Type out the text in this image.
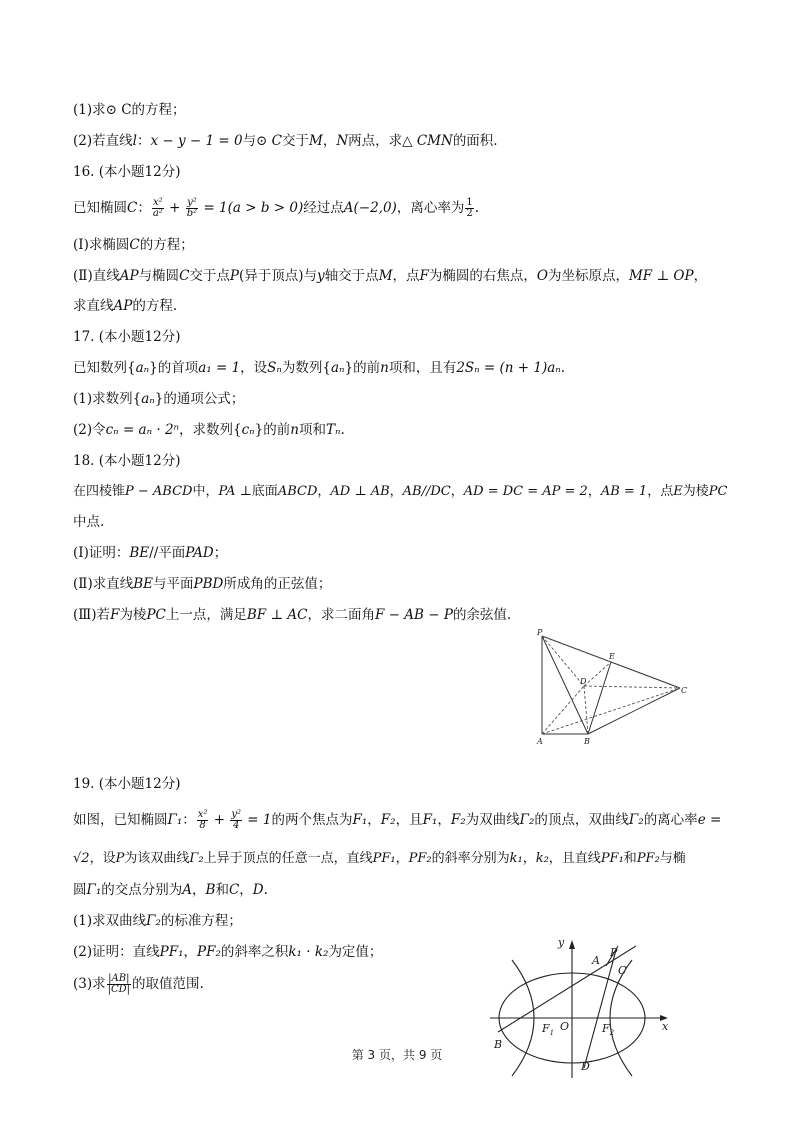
(1)求⊙ C的方程；
(2)若直线l：x − y − 1 = 0与⊙ C交于M，N两点，求△ CMN的面积.
16. (本小题12分)
已知椭圆C： $\frac{\text{x²}}{\text{a²}} + \frac{\text{y²}}{\text{b²}} = 1(a > b > 0)$经过点A(−2,0)，离心率为 $\frac{1}{2}$ .
(Ⅰ)求椭圆C的方程；
(Ⅱ)直线AP与椭圆C交于点P(异于顶点)与y轴交于点M，点F为椭圆的右焦点，O为坐标原点，MF ⊥ OP，
求直线AP的方程.
17. (本小题12分)
已知数列{aₙ}的首项a₁ = 1，设Sₙ为数列{aₙ}的前n项和，且有2Sₙ = (n + 1)aₙ.
(1)求数列{aₙ}的通项公式；
(2)令cₙ = aₙ · 2ⁿ，求数列{cₙ}的前n项和Tₙ.
18. (本小题12分)
在四棱锥P − ABCD中，PA ⊥底面ABCD，AD ⊥ AB，AB//DC，AD = DC = AP = 2，AB = 1，点E为棱PC
中点.
(Ⅰ)证明：BE//平面PAD；
(Ⅱ)求直线BE与平面PBD所成角的正弦值；
(Ⅲ)若F为棱PC上一点，满足BF ⊥ AC，求二面角F − AB − P的余弦值.
P
E
D
C
A	B
19. (本小题12分)
如图，已知椭圆Γ₁： $\frac{\text{x²}}{8} + \frac{\text{y²}}{4} = 1$的两个焦点为F₁，F₂，且F₁，F₂为双曲线Γ₂的顶点，双曲线Γ₂的离心率e =
√2，设P为该双曲线Γ₂上异于顶点的任意一点，直线PF₁，PF₂的斜率分别为k₁，k₂，且直线PF₁和PF₂与椭
圆Γ₁的交点分别为A，B和C，D.
(1)求双曲线Γ₂的标准方程；
(2)证明：直线PF₁，PF₂的斜率之积k₁ · k₂为定值；
(3)求 $\frac{|AB|}{|CD|}$ 的取值范围.
y
x
P
A
C
$F_1$ O	$F_2$
B
D
第 3 页，共 9 页
